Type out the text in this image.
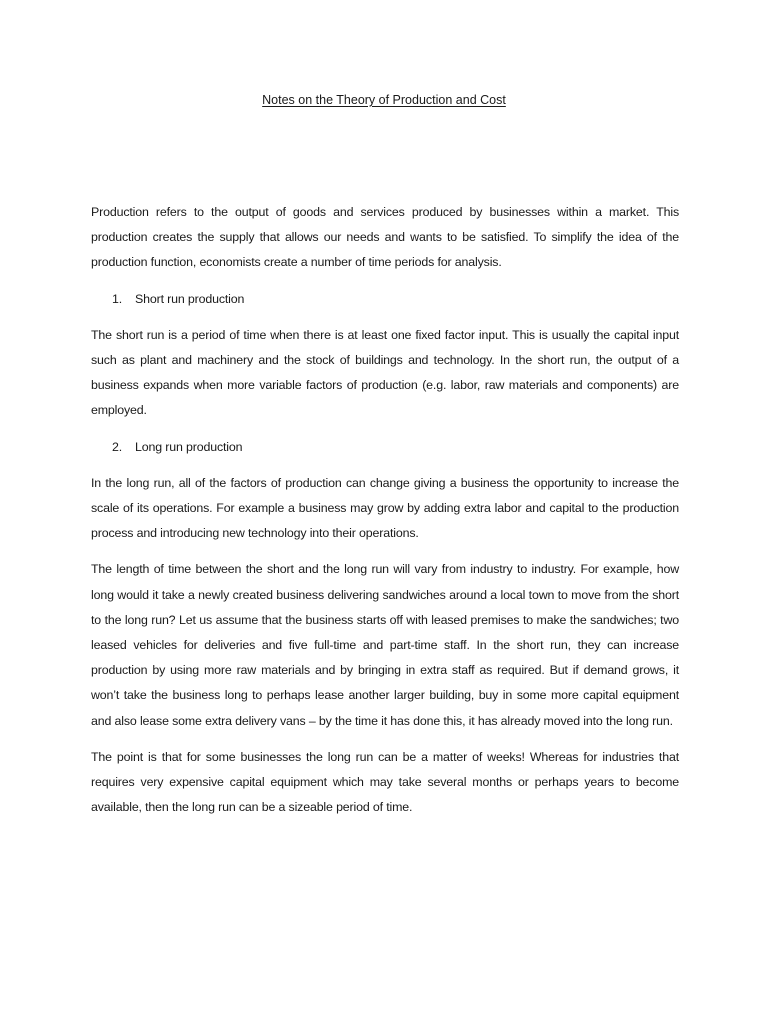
Notes on the Theory of Production and Cost

Production refers to the output of goods and services produced by businesses within a market. This production creates the supply that allows our needs and wants to be satisfied. To simplify the idea of the production function, economists create a number of time periods for analysis.

1.	Short run production

The short run is a period of time when there is at least one fixed factor input. This is usually the capital input such as plant and machinery and the stock of buildings and technology. In the short run, the output of a business expands when more variable factors of production (e.g. labor, raw materials and components) are employed.

2.	Long run production

In the long run, all of the factors of production can change giving a business the opportunity to increase the scale of its operations. For example a business may grow by adding extra labor and capital to the production process and introducing new technology into their operations.

The length of time between the short and the long run will vary from industry to industry. For example, how long would it take a newly created business delivering sandwiches around a local town to move from the short to the long run? Let us assume that the business starts off with leased premises to make the sandwiches; two leased vehicles for deliveries and five full-time and part-time staff. In the short run, they can increase production by using more raw materials and by bringing in extra staff as required. But if demand grows, it won’t take the business long to perhaps lease another larger building, buy in some more capital equipment and also lease some extra delivery vans – by the time it has done this, it has already moved into the long run.

The point is that for some businesses the long run can be a matter of weeks! Whereas for industries that requires very expensive capital equipment which may take several months or perhaps years to become available, then the long run can be a sizeable period of time.
